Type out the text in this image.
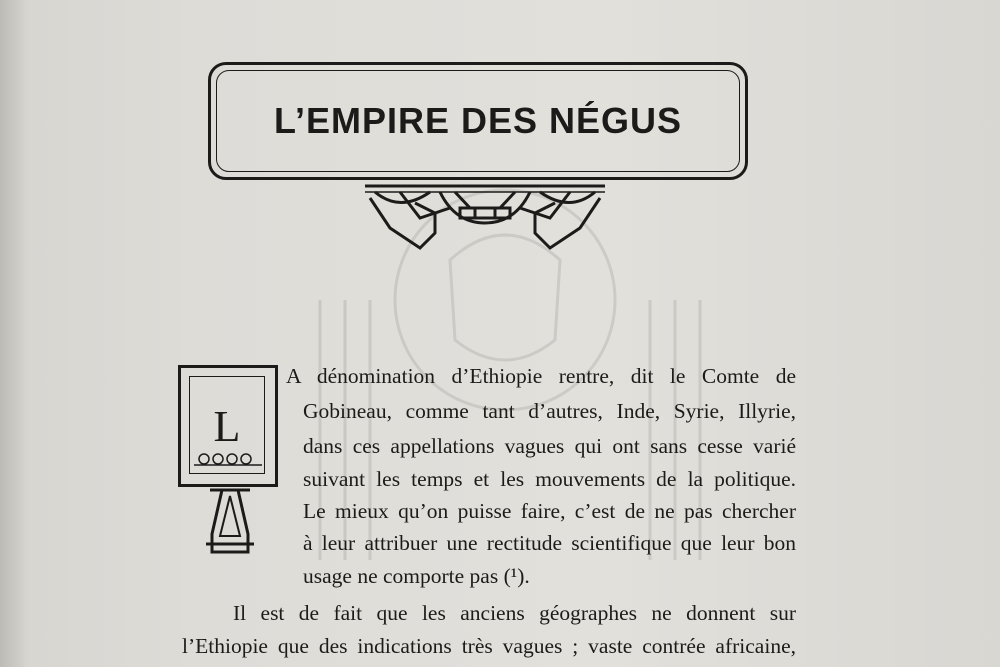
L’EMPIRE DES NÉGUS
L
A dénomination d’Ethiopie rentre, dit le Comte de
Gobineau, comme tant d’autres, Inde, Syrie, Illyrie,
dans ces appellations vagues qui ont sans cesse varié
suivant les temps et les mouvements de la politique.
Le mieux qu’on puisse faire, c’est de ne pas chercher
à leur attribuer une rectitude scientifique que leur bon
usage ne comporte pas (¹).
Il est de fait que les anciens géographes ne donnent sur
l’Ethiopie que des indications très vagues ; vaste contrée africaine,
